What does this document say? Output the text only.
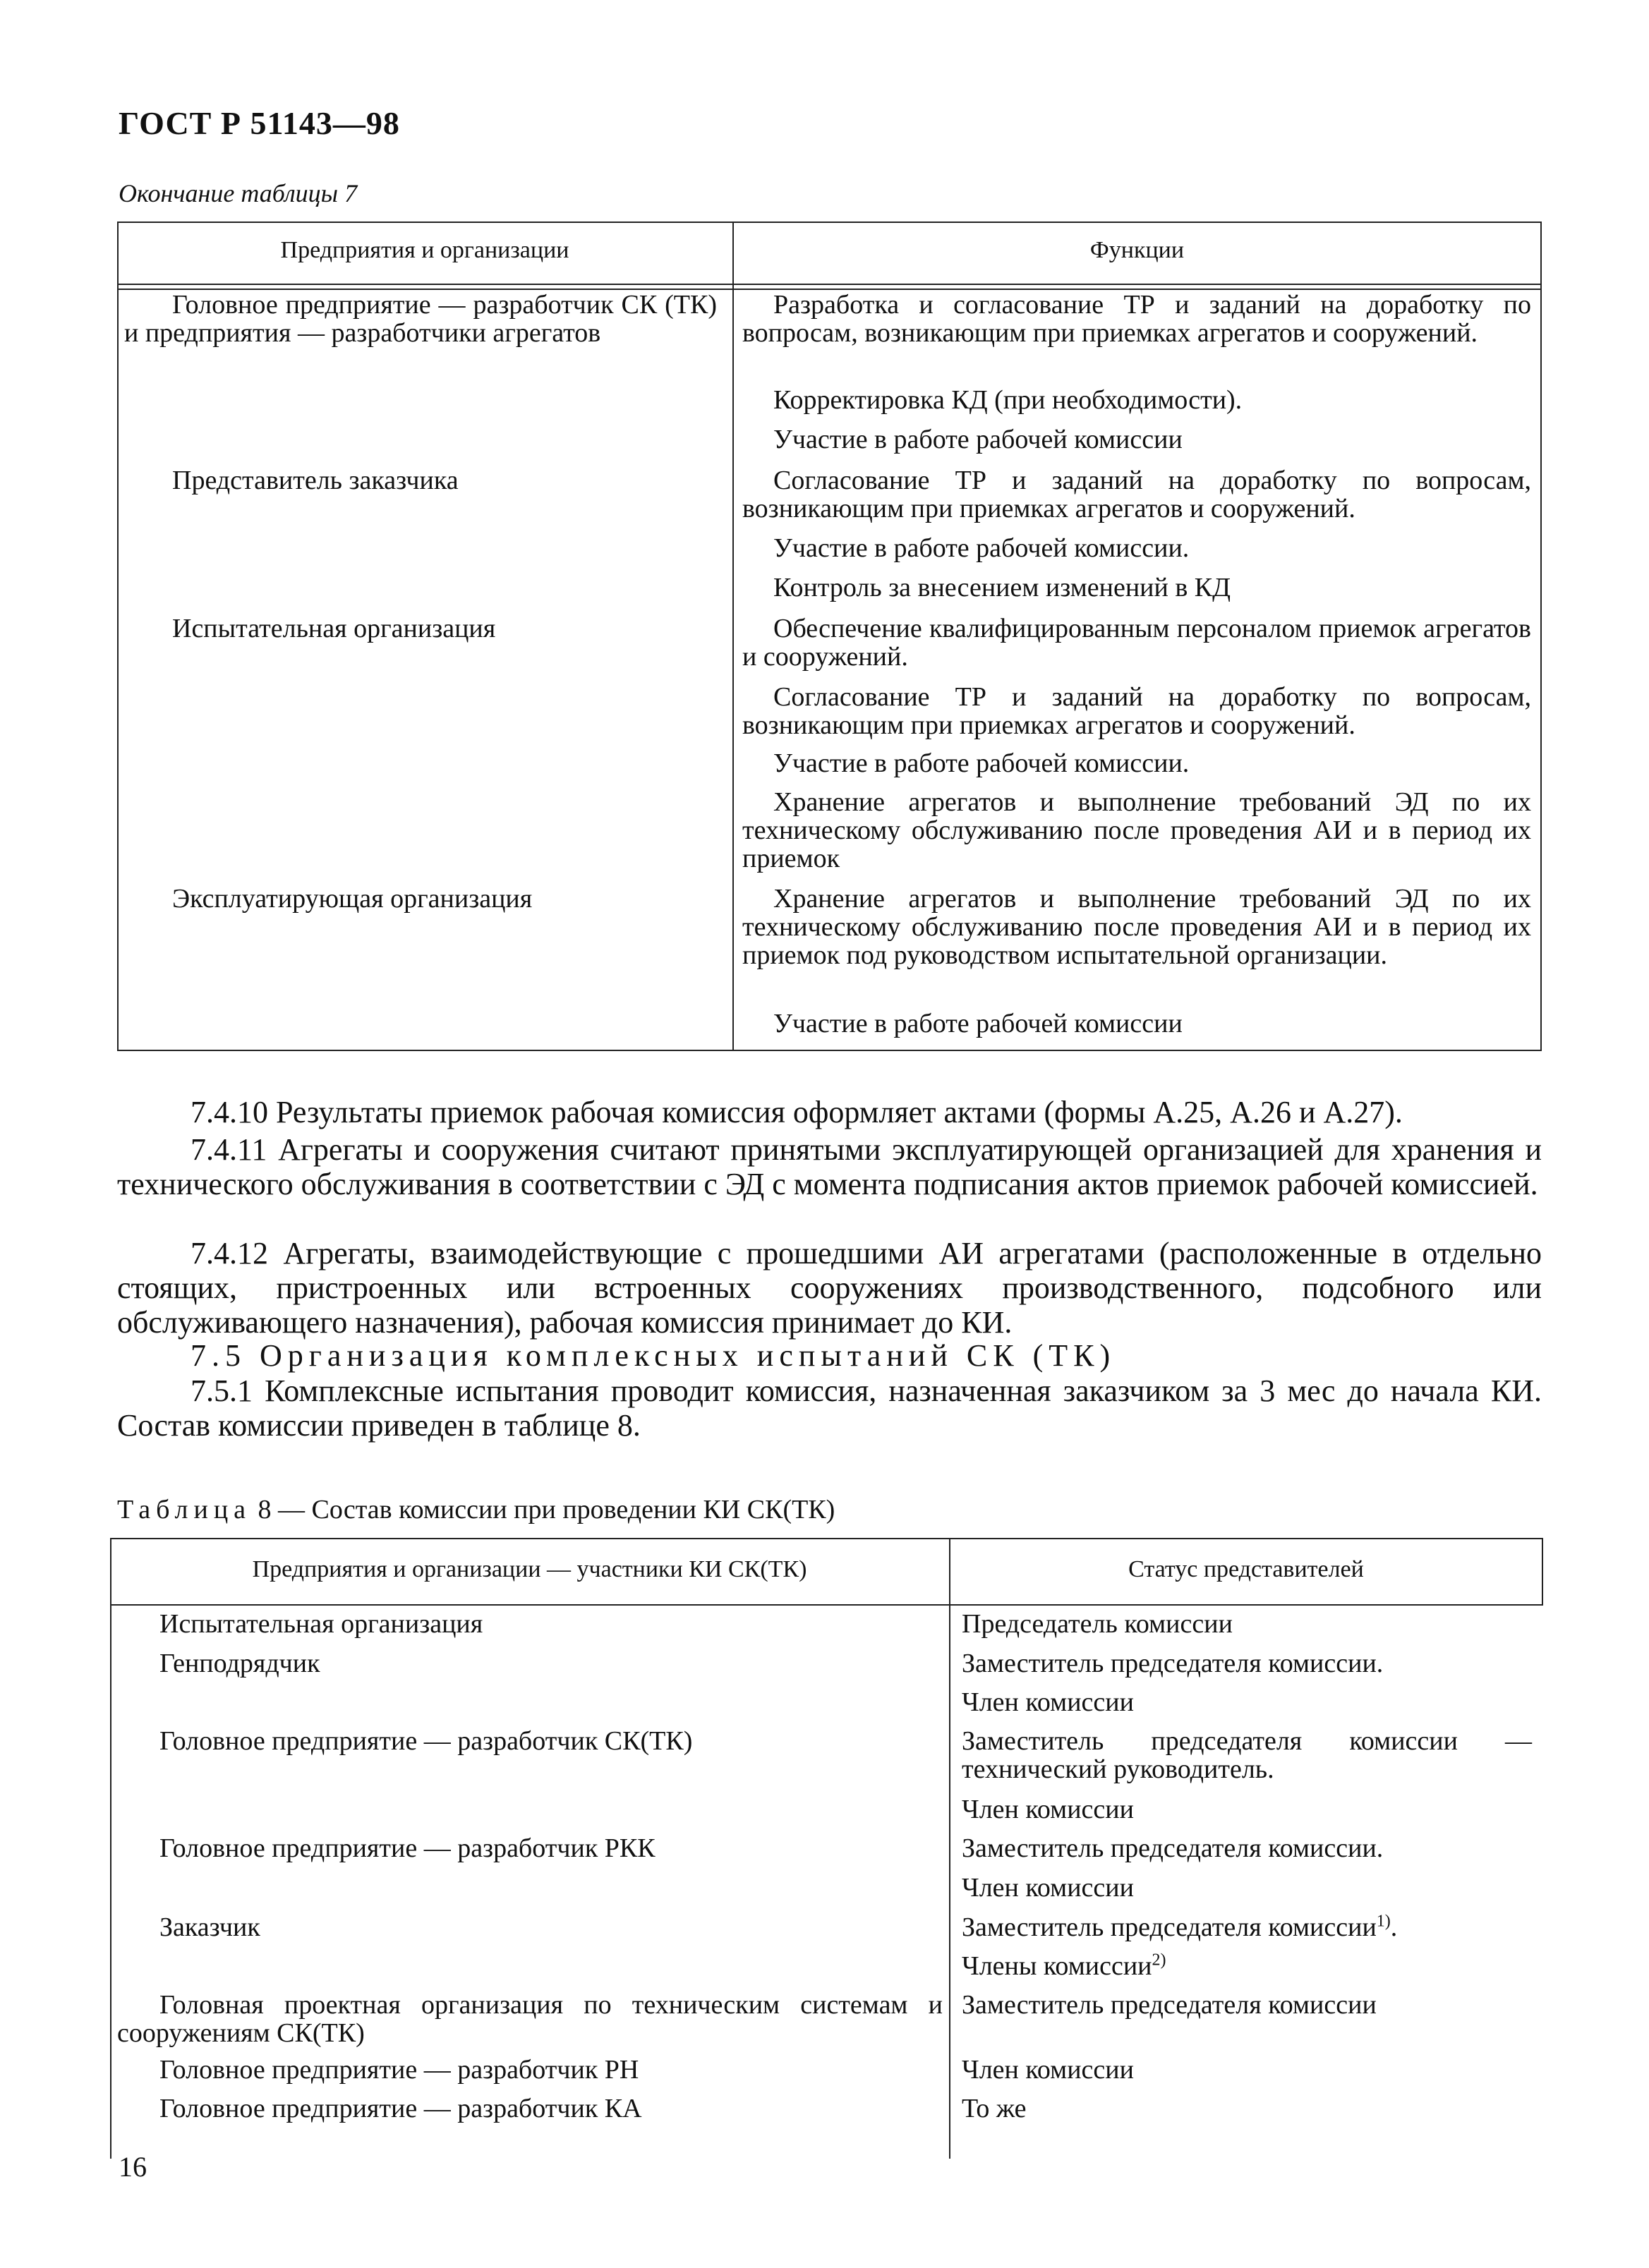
ГОСТ Р 51143—98
Окончание таблицы 7
Предприятия и организации	Функции
Головное предприятие — разработчик СК (ТК) и предприятия — разработчики агрегатов
Представитель заказчика
Испытательная организация
Эксплуатирующая организация
Разработка и согласование ТР и заданий на доработку по вопросам, возникающим при приемках агрегатов и сооружений.
Корректировка КД (при необходимости).
Участие в работе рабочей комиссии
Согласование ТР и заданий на доработку по вопросам, возникающим при приемках агрегатов и сооружений.
Участие в работе рабочей комиссии.
Контроль за внесением изменений в КД
Обеспечение квалифицированным персоналом приемок агрегатов и сооружений.
Согласование ТР и заданий на доработку по вопросам, возникающим при приемках агрегатов и сооружений.
Участие в работе рабочей комиссии.
Хранение агрегатов и выполнение требований ЭД по их техническому обслуживанию после проведения АИ и в период их приемок
Хранение агрегатов и выполнение требований ЭД по их техническому обслуживанию после проведения АИ и в период их приемок под руководством испытательной организации.
Участие в работе рабочей комиссии
7.4.10 Результаты приемок рабочая комиссия оформляет актами (формы А.25, А.26 и А.27).
7.4.11 Агрегаты и сооружения считают принятыми эксплуатирующей организацией для хранения и технического обслуживания в соответствии с ЭД с момента подписания актов приемок рабочей комиссией.
7.4.12 Агрегаты, взаимодействующие с прошедшими АИ агрегатами (расположенные в отдельно стоящих, пристроенных или встроенных сооружениях производственного, подсобного или обслуживающего назначения), рабочая комиссия принимает до КИ.
7.5 Организация комплексных испытаний СК (ТК)
7.5.1 Комплексные испытания проводит комиссия, назначенная заказчиком за 3 мес до начала КИ. Состав комиссии приведен в таблице 8.
Таблица 8 — Состав комиссии при проведении КИ СК(ТК)
Предприятия и организации — участники КИ СК(ТК)	Статус представителей
Испытательная организация
Генподрядчик
Головное предприятие — разработчик СК(ТК)
Головное предприятие — разработчик РКК
Заказчик
Головная проектная организация по техническим системам и сооружениям СК(ТК)
Головное предприятие — разработчик РН
Головное предприятие — разработчик КА
Председатель комиссии
Заместитель председателя комиссии.
Член комиссии
Заместитель председателя комиссии — технический руководитель.
Член комиссии
Заместитель председателя комиссии.
Член комиссии
Заместитель председателя комиссии$^{1)}$.
Члены комиссии$^{2)}$
Заместитель председателя комиссии
Член комиссии
То же
16
